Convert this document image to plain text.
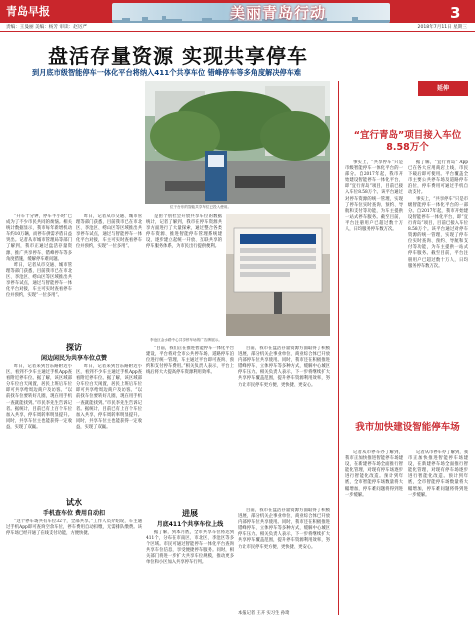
青岛早报	美丽青岛行动	3
责编：王曼丽 美编：杨芳 审读：赵厉严	2018年7月11日 星期三
盘活存量资源 实现共享停车
到月底市级智能停车一体化平台将纳入411个共享车位 错峰停车等多角度解决停车难

“开车十分钟，停车半小时”已成为了不少市民共同的烦恼。相关统计数据显示，我市每年新增机动车约10万辆，而停车供需矛盾日益突出。记者从市城市管理局等部门了解到，我市正通过盘活存量资源、推广共享停车、错峰停车等多角度措施，缓解停车难问题。

昨日，记者从市交通、城市管理等部门获悉，目前我市已在市北区、李沧区、崂山区等区域推出共享停车试点，通过与智能停车一体化平台对接，车主可实时查看停车位并预约，实现“一位多用”。

昨日，记者从市交通、城市管理等部门获悉，目前我市已在市北区、李沧区、崂山区等区域推出共享停车试点，通过与智能停车一体化平台对接，车主可实时查看停车位并预约，实现“一位多用”。

探访
闲边闲民为共享车位点赞

昨日，记者来到台东路附近小区，看到不少车主通过手机App查看附近停车位。据了解，该区域部分车位白天闲置，居民上班后车位即可共享给周边商户及访客。“以前找车位要转好几圈，现在用手机一查就能找到。”市民李先生告诉记者。据统计，目前已有上百个车位加入共享，停车周转率明显提升。同时，共享车位主也能获得一定收益，实现了双赢。

昨日，记者来到台东路附近小区，看到不少车主通过手机App查看附近停车位。据了解，该区域部分车位白天闲置，居民上班后车位即可共享给周边商户及访客。“以前找车位要转好几圈，现在用手机一查就能找到。”市民李先生告诉记者。据统计，目前已有上百个车位加入共享，停车周转率明显提升。同时，共享车位主也能获得一定收益，实现了双赢。

试水
手机查车位 费用自动扣

“这个停车场共有车位32个，全部共享。”工作人员介绍说，车主通过手机App即可查询空余车位，停车费用自动扣缴，无需排队缴费。该停车场已经开通了在线支付功能，方便快捷。

位于台东的智能共享车位已投入使用。

是由个别社会开放共享车位的数据统计，记者了解到，我市在停车资源共享方面进行了大量探索，通过整合各类停车资源、推进智能停车管理系统建设，逐步建立起统一开放、互联共享的停车服务体系，为市民出行提供便利。

李沧区金水路中心共享停车场的广告牌展示。

“目前，我们正在推进智能停车一体化平台建设，平台将对全市公共停车场、道路停车泊位进行统一管理，车主通过平台即可查询、预约和支付停车费用。”相关负责人表示，平台上线后将大大提高停车资源利用效率。

目前，我市在盘活存量资源方面取得了积极进展，部分机关企事业单位、商业综合体已开放内部停车位共享使用。同时，我市还在积极推进错峰停车、立体停车等多种方式，缓解中心城区停车压力。相关负责人表示，下一步将继续扩大共享停车覆盖范围，提升停车资源利用效率，努力让市民停车更方便、更快捷、更安心。

进展
月底411个共享车位上线

据了解，到本月底，全市共享车位将达到411个，分布在市南区、市北区、李沧区等多个区域。市民可通过智能停车一体化平台查询共享车位信息，享受便捷停车服务。同时，相关部门将进一步扩大共享车位规模，推动更多单位和小区加入共享停车行列。

目前，我市在盘活存量资源方面取得了积极进展，部分机关企事业单位、商业综合体已开放内部停车位共享使用。同时，我市还在积极推进错峰停车、立体停车等多种方式，缓解中心城区停车压力。相关负责人表示，下一步将继续扩大共享停车覆盖范围，提升停车资源利用效率，努力让市民停车更方便、更快捷、更安心。

本报记者 王卉 实习生 孙琦
延伸
“宜行青岛”项目接入车位8.58万个

事实上，“共享停车”只是市级智能停车一体化平台的一部分。自2017年起，我市开始建设智能停车一体化平台，即“宜行青岛”项目，目前已接入车位8.58万个。该平台通过对停车资源的统一管理，实现了停车位实时查询、预约、导航和支付等功能，为车主提供一站式停车服务。截至目前，平台注册用户已超过数十万人，日均服务停车数万次。

据了解，“宜行青岛” App已在各大应用商店上线，市民下载后即可使用。平台覆盖全市主要公共停车场及道路停车泊位，停车费用可通过手机自动支付。

事实上，“共享停车”只是市级智能停车一体化平台的一部分。自2017年起，我市开始建设智能停车一体化平台，即“宜行青岛”项目，目前已接入车位8.58万个。该平台通过对停车资源的统一管理，实现了停车位实时查询、预约、导航和支付等功能，为车主提供一站式停车服务。截至目前，平台注册用户已超过数十万人，日均服务停车数万次。

我市加快建设智能停车场

记者从市停车办了解到，我市正加快推进智能停车场建设，在新建停车场全面推行智能化管理，对现有停车场逐步进行智能化改造。预计到年底，全市智能停车场数量将大幅增加，停车难问题将得到进一步缓解。

记者从市停车办了解到，我市正加快推进智能停车场建设，在新建停车场全面推行智能化管理，对现有停车场逐步进行智能化改造。预计到年底，全市智能停车场数量将大幅增加，停车难问题将得到进一步缓解。
